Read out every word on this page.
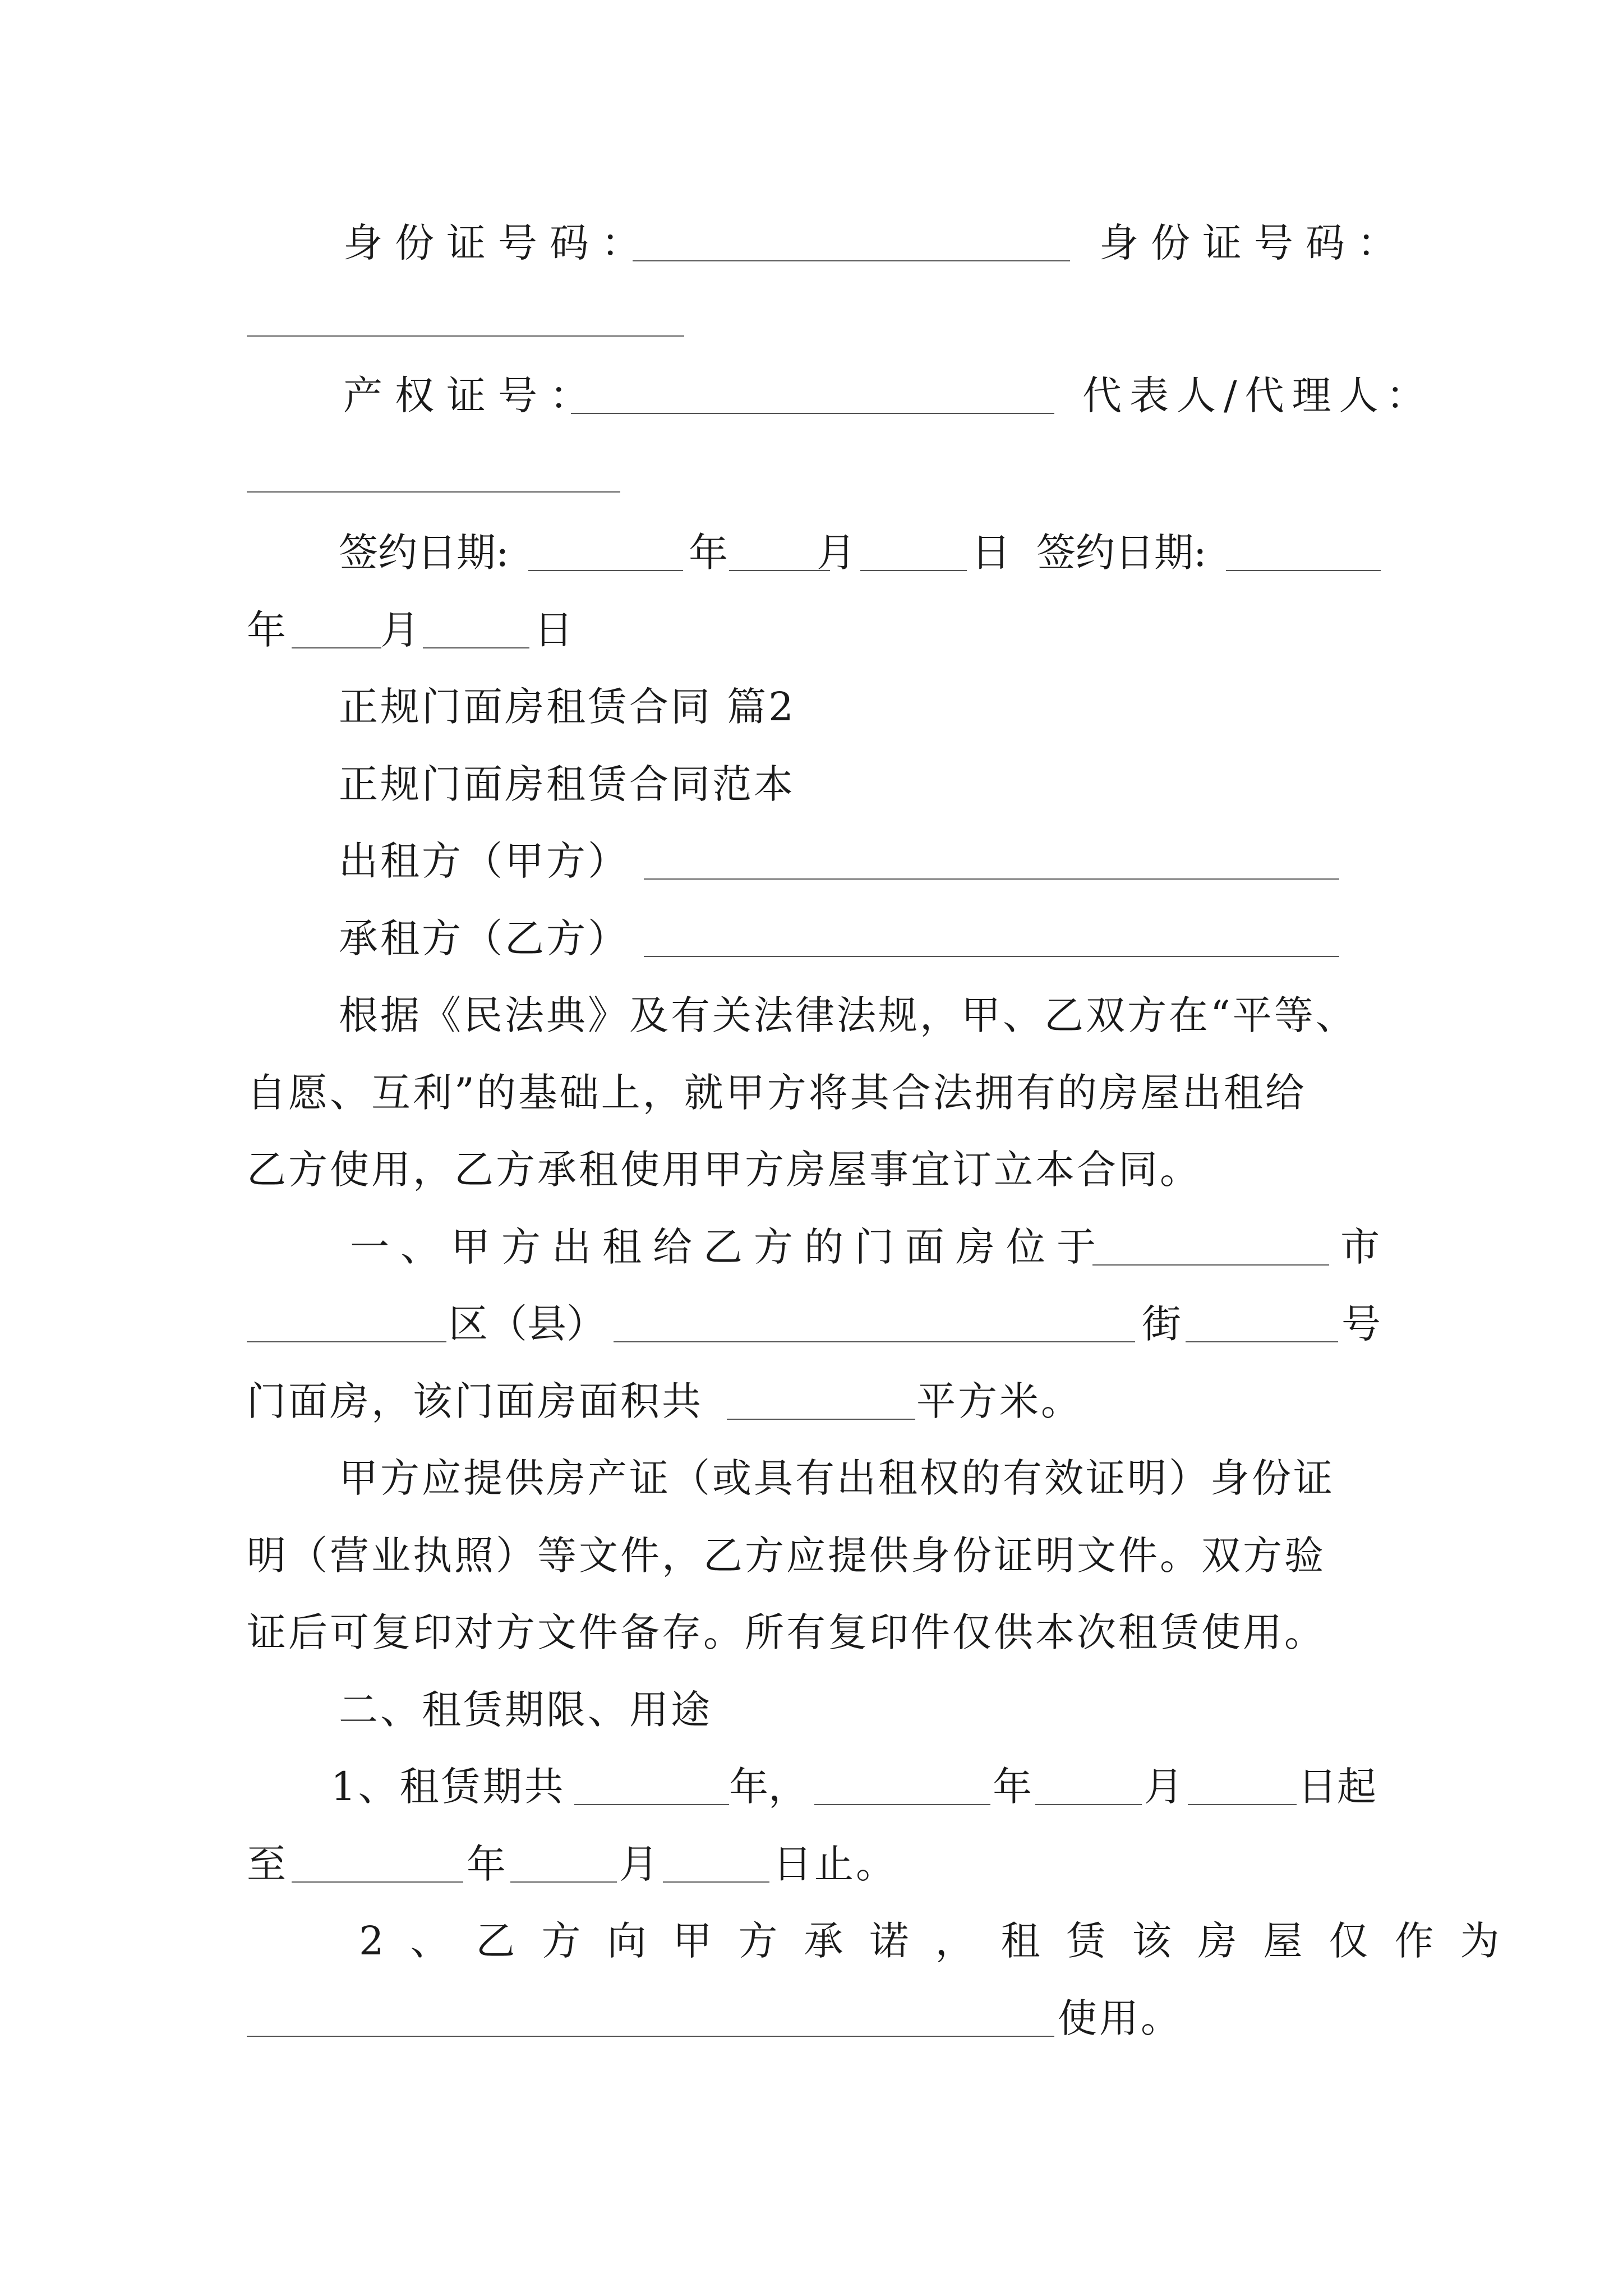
身份证号码：	身份证号码：
产权证号：	代表人/代理人：
签约日期:	年 月	日 签约日期:
年 月	日
正规门面房租赁合同 篇2
正规门面房租赁合同范本
出租方（甲方）
承租方（乙方）
根据《民法典》及有关法律法规，甲、乙双方在“平等、
自愿、互利”的基础上，就甲方将其合法拥有的房屋出租给
乙方使用，乙方承租使用甲方房屋事宜订立本合同。
一、甲方出租给乙方的门面房位于	市
区（县）	街	号
门面房，该门面房面积共	平方米。
甲方应提供房产证（或具有出租权的有效证明）身份证
明（营业执照）等文件，乙方应提供身份证明文件。双方验
证后可复印对方文件备存。所有复印件仅供本次租赁使用。
二、租赁期限、用途
1、租赁期共	年，	年	月	日起
至	年	月	日止。
2、乙方向甲方承诺，租赁该房屋仅作为
使用。
